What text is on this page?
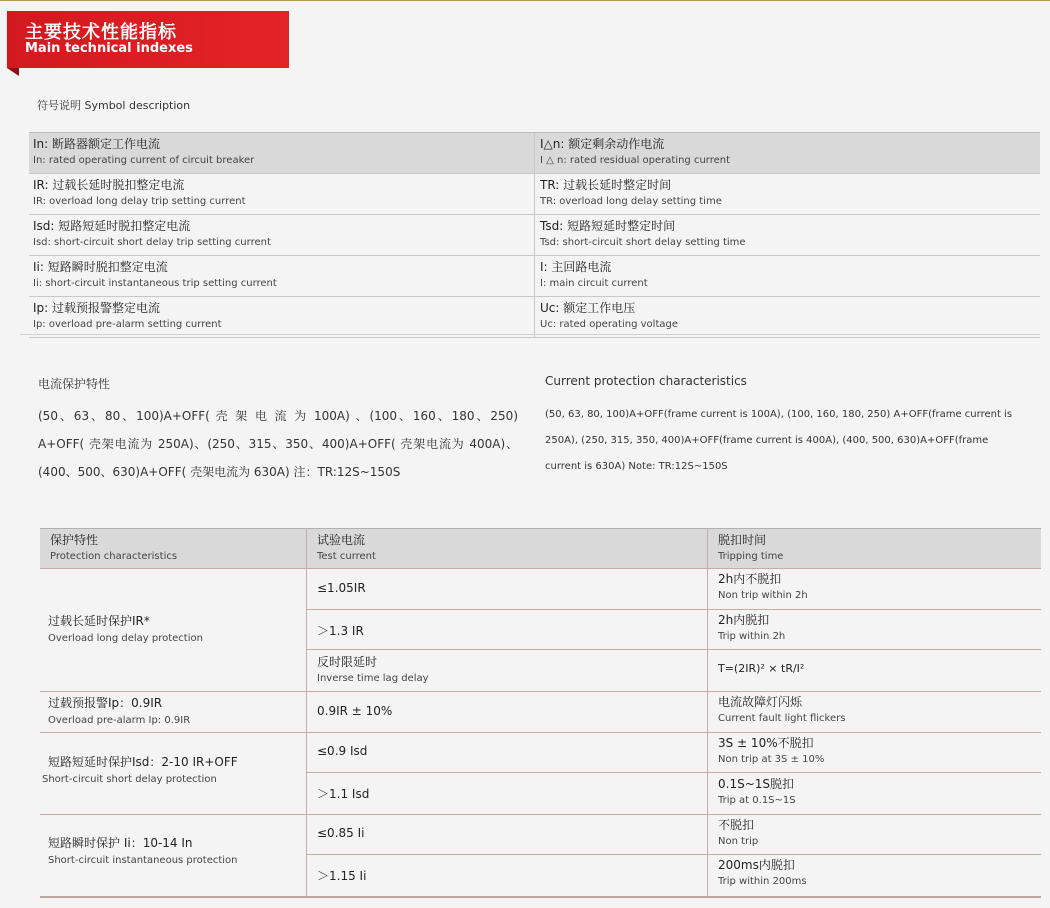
主要技术性能指标
Main technical indexes
符号说明 Symbol description
In: 断路器额定工作电流
In: rated operating current of circuit breaker
I△n: 额定剩余动作电流
I △ n: rated residual operating current
IR: 过载长延时脱扣整定电流
IR: overload long delay trip setting current
TR: 过载长延时整定时间
TR: overload long delay setting time
Isd: 短路短延时脱扣整定电流
Isd: short-circuit short delay trip setting current
Tsd: 短路短延时整定时间
Tsd: short-circuit short delay setting time
Ii: 短路瞬时脱扣整定电流
Ii: short-circuit instantaneous trip setting current
I: 主回路电流
I: main circuit current
Ip: 过载预报警整定电流
Ip: overload pre-alarm setting current
Uc: 额定工作电压
Uc: rated operating voltage
电流保护特性
(50、63、80、100)A+OFF( 壳 架 电 流 为 100A) 、(100、160、180、250) A+OFF( 壳架电流为 250A)、(250、315、350、400)A+OFF( 壳架电流为 400A)、(400、500、630)A+OFF( 壳架电流为 630A) 注：TR:12S~150S
Current protection characteristics
(50, 63, 80, 100)A+OFF(frame current is 100A), (100, 160, 180, 250) A+OFF(frame current is 250A), (250, 315, 350, 400)A+OFF(frame current is 400A), (400, 500, 630)A+OFF(frame current is 630A) Note: TR:12S~150S
保护特性
Protection characteristics
试验电流
Test current
脱扣时间
Tripping time
过载长延时保护IR*
Overload long delay protection
过载预报警Ip：0.9IR
Overload pre-alarm Ip: 0.9IR
短路短延时保护Isd：2-10 IR+OFF
Short-circuit short delay protection
短路瞬时保护 Ii：10-14 In
Short-circuit instantaneous protection
≤1.05IR
＞1.3 IR
反时限延时
Inverse time lag delay
0.9IR ± 10%
≤0.9 Isd
＞1.1 Isd
≤0.85 Ii
＞1.15 Ii
2h内不脱扣
Non trip within 2h
2h内脱扣
Trip within 2h
T=(2IR)² × tR/I²
电流故障灯闪烁
Current fault light flickers
3S ± 10%不脱扣
Non trip at 3S ± 10%
0.1S~1S脱扣
Trip at 0.1S~1S
不脱扣
Non trip
200ms内脱扣
Trip within 200ms
